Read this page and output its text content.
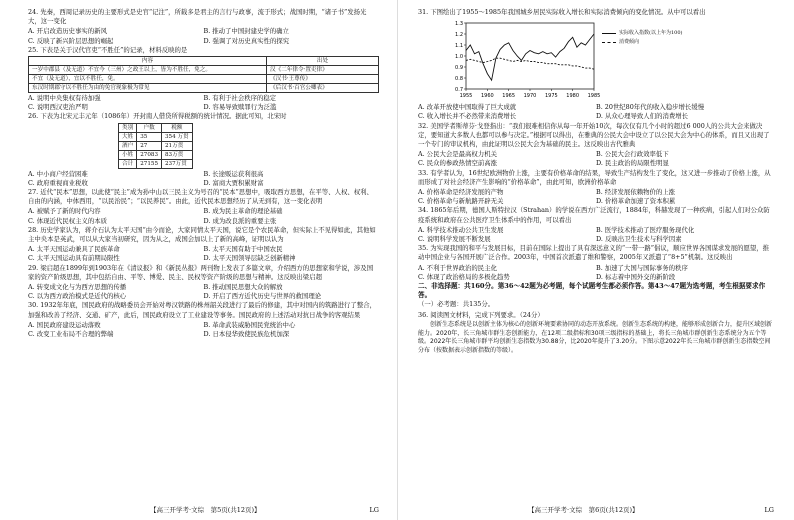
24. 先秦，西周记录历史的主要形式是史官“记注”，所载多是君主的言行与政事，流于形式；战国时期，“诸子书”发扬光大，这一变化
A. 开启改造历史事实的新风	B. 推动了中国封建史学的确立
C. 反映了新兴阶层思想的崛起	D. 强调了对历史真实性的探究
25. 下表是关于汉代官吏“不胜任”的记录，材料反映的是
内容	出处
一岁中郡县（及无道）不宜今（三州）之政王以上，皆为不胜任，免之。	汉《二年律令·置吏律》
不宜（及无道），宜以不胜任，免。	《汉书·王尊传》
东汉时期郡守以不胜任为由的免官现象极为常见	《后汉书·百官公卿表》
A. 说明中央集权有待加强	B. 有利于社会秩序的稳定
C. 说明西汉吏治严明	D. 容易导致赎罪行为泛滥
26. 下表为北宋元丰元年（1086年）开封南人借贷所得税额的统计情况。据此可知，北宋时
类别	户数	税额
大姓	35	354 万贯
酒户	27	21万贯
小姓	27083	83万贯
合计	27155	237万贯
A. 中小商户经营困难	B. 长途贩运获利很高
C. 政府重视商业税收	D. 富商大贾积累财富
27. 近代“民本”思想，以此使“民主”成为孙中山以三民主义为号召的“民本”思想中，吸取西方思想，在平等、人权、权利、自由的内涵，中体西用，“以民治民”；“以民养民”。由此，近代民本思想经历了从无到有，这一变化表明
A. 被赋予了新的时代内容	B. 成为民主革命的理论基础
C. 体现近代民权主义的本质	D. 成为改良派的重要主张
28. 历史学家认为，蒋介石认为太平天国“由今而论，大家同情太平天国，说它是个农民革命，但实际上不见得如此，其他如主中央本是英武，可以从大家当初研究，因为从之，成国会加以上了新的高峰，证明以认为
A. 太平天国运动兼具了民族革命	B. 太平天国有助于中国农民
C. 太平天国运动具有前期局限性	D. 太平天国领导层缺乏创新精神
29. 梁启超在1899年到1903年在《清议报》和《新民丛报》两刊物上发表了多篇文章，介绍西方的思想家和学说，涉及国家的资产阶级思想，其中包括自由、平等、博爱、民主、民权等资产阶级的思想与精神。这反映出梁启超
A. 转变成文化与为西方思想的传播	B. 推动国民思想大众的解放
C. 以为西方政治模式是近代的核心	D. 开启了西方近代历史与世界的救国理论
30. 1932年年底，国民政府的战略委员会开始对粤汉铁路的株州韶关段进行了最后的修建，其中对国内的筑路进行了整合，加强和改善了经济、交通、矿产，此后，国民政府设立了工业建设等事务。国民政府的上述活动对抗日战争的客观结果
A. 国民政府建设运动落败	B. 革命武装威胁国民党统治中心
C. 改变工业布局不合理的弊端	D. 日本侵华致使民族危机加深
【高三开学考·文综　第5页(共12页)】	LG
31. 下图绘出了1955～1985年我国城乡居民实际收入增长和实际消费倾向的变化情况。从中可以看出
0.7
0.8
0.9
1.0
1.1
1.2
1.3
1955 1960 1965 1970 1975 1980 1985
实际收入指数(以上年为100)
消费倾向
A. 改革开放使中国取得了巨大成就	B. 20世纪80年代的收入稳步增长缓慢
C. 收入增长并不必然带来消费增长	D. 从众心理导致人们的消费增长
32. 美国学者斯蒂芬·戈登指出：“我们很难相信你从每一年开始10次，每次仅有几个小时的超过6 000人的公共大会来做决定，要知道大多数人也都可以参与决定。”根据可以得出，在雅典的公民大会中设立了以公民大会为中心的体系，而且又出现了一个专门的审议机构，由此证明以公民大会为基础的民主。这反映出古代雅典
A. 公民大会是最高权力机关	B. 公民大会行政效率低下
C. 民众的参政热情空前高涨	D. 民主政治的局限性明显
33. 有学者认为，16世纪欧洲物价上涨，主要有价格革命的结果，导致生产结构发生了变化，这又进一步推动了价格上涨，从而形成了对社会经济产生影响的“价格革命”，由此可知，欧洲价格革命
A. 价格革命是经济发展的产物	B. 经济发展依赖物价的上涨
C. 价格革命与新航路开辟无关	D. 价格革命加速了资本积累
34. 1865年后期，德国人斯特拉汉（Strahan）的学说在西方广泛流行，1884年，科赫发现了一种疾病，引起人们对公众防疫系统和政府在公共医疗卫生体系中的作用，可以看出
A. 科学技术推动公共卫生发展	B. 医学技术推动了医疗服务现代化
C. 说明科学发展不断发展	D. 反映出卫生技术与科学因素
35. 为实现我国的和平与发展目标，目前在国际上提出了具有深远意义的“一带一路”倡议，顺应世界各国谋求发展的愿望，推动中国企业与各国开展广泛合作。2003年，中国首次派遣了维和警察，2005年又派遣了“8+5”机制。这反映出
A. 不利于世界政治的民主化	B. 加速了大国与国际事务的秩序
C. 体现了政治格局的多极化趋势	D. 标志着中国外交的新阶段
二、非选择题：共160分。第36～42题为必考题，每个试题考生都必须作答。第43～47题为选考题，考生根据要求作答。
（一）必考题：共135分。
36. 阅读图文材料，完成下列要求。（24分）
创新生态系统是以创新主体为核心的创新环境要素协同的动态开放系统。创新生态系统的构建，能够形成创新合力，提升区域创新能力。2020年，长三角城市群生态创新能力，在12项二级指标和30项三级指标的基础上，将长三角城市群创新生态系统分为五个等级。2022年长三角城市群平均创新生态指数为30.88分，比2020年提升了3.20分。下图示意2022年长三角城市群创新生态指数空间分布（按数据表示创新指数的等级）。
【高三开学考·文综　第6页(共12页)】	LG
